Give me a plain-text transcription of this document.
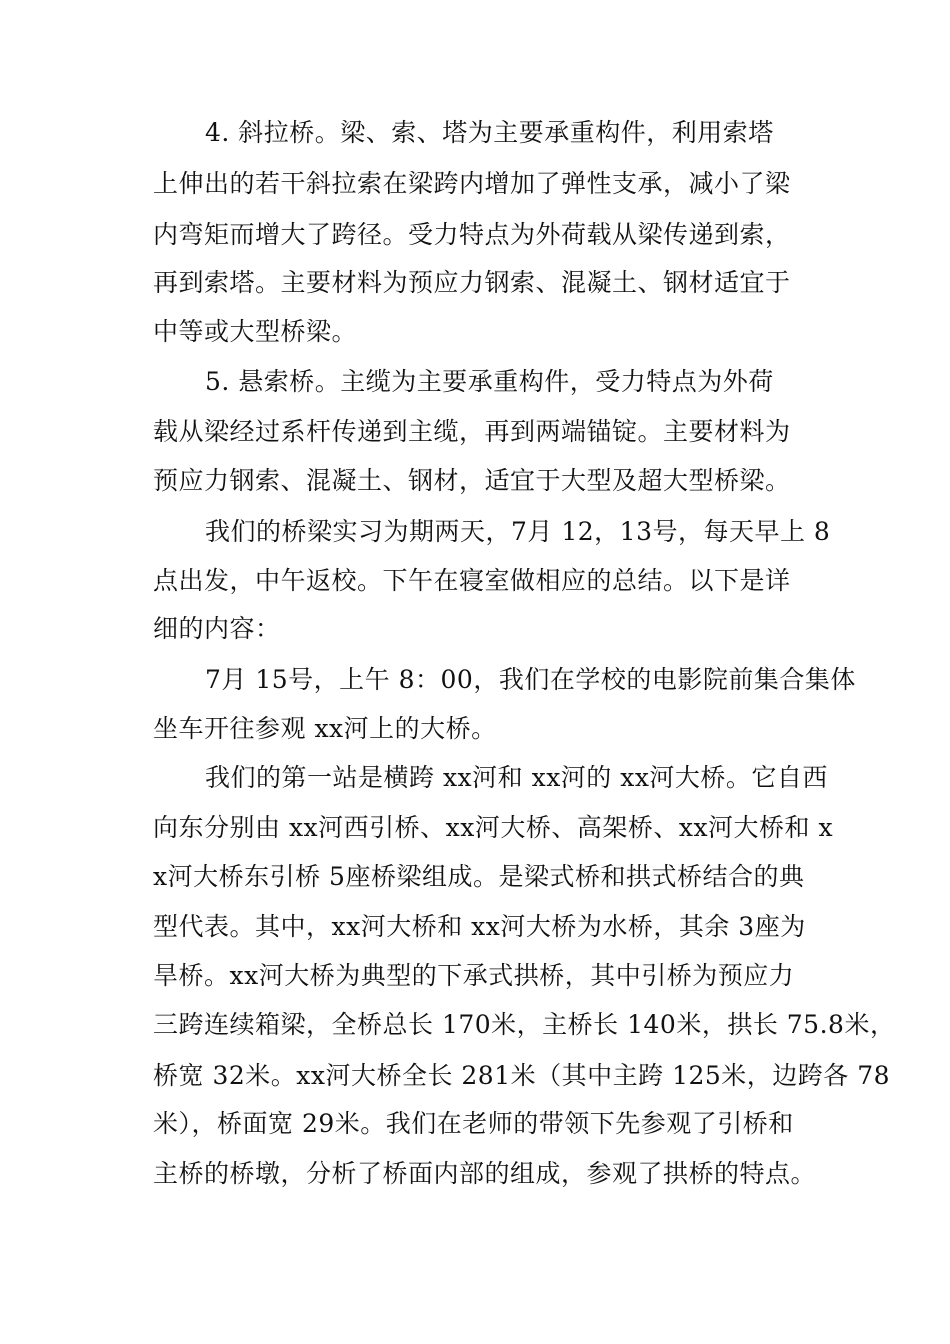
4. 斜拉桥。梁、索、塔为主要承重构件，利用索塔
上伸出的若干斜拉索在梁跨内增加了弹性支承，减小了梁
内弯矩而增大了跨径。受力特点为外荷载从梁传递到索，
再到索塔。主要材料为预应力钢索、混凝土、钢材适宜于
中等或大型桥梁。
5. 悬索桥。主缆为主要承重构件，受力特点为外荷
载从梁经过系杆传递到主缆，再到两端锚锭。主要材料为
预应力钢索、混凝土、钢材，适宜于大型及超大型桥梁。
我们的桥梁实习为期两天，7月 12，13号，每天早上 8
点出发，中午返校。下午在寝室做相应的总结。以下是详
细的内容：
7月 15号，上午 8：00，我们在学校的电影院前集合集体
坐车开往参观 xx河上的大桥。
我们的第一站是横跨 xx河和 xx河的 xx河大桥。它自西
向东分别由 xx河西引桥、xx河大桥、高架桥、xx河大桥和 x
x河大桥东引桥 5座桥梁组成。是梁式桥和拱式桥结合的典
型代表。其中，xx河大桥和 xx河大桥为水桥，其余 3座为
旱桥。xx河大桥为典型的下承式拱桥，其中引桥为预应力
三跨连续箱梁，全桥总长 170米，主桥长 140米，拱长 75.8米，
桥宽 32米。xx河大桥全长 281米（其中主跨 125米，边跨各 78
米），桥面宽 29米。我们在老师的带领下先参观了引桥和
主桥的桥墩，分析了桥面内部的组成，参观了拱桥的特点。
